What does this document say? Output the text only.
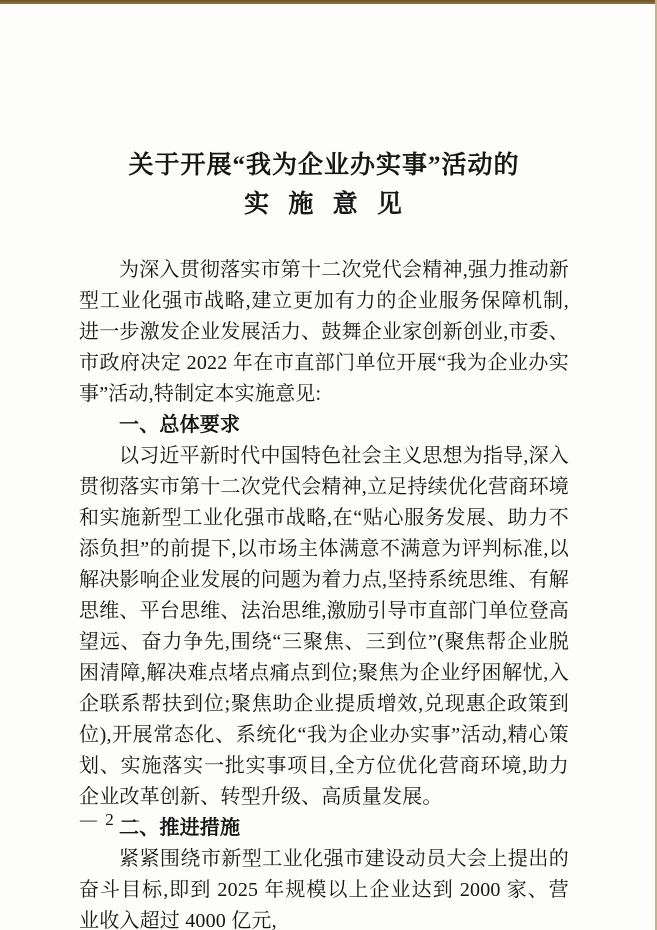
关于开展“我为企业办实事”活动的
实 施 意 见

为深入贯彻落实市第十二次党代会精神,强力推动新型工业化强市战略,建立更加有力的企业服务保障机制,进一步激发企业发展活力、鼓舞企业家创新创业,市委、市政府决定 2022 年在市直部门单位开展“我为企业办实事”活动,特制定本实施意见:

一、总体要求

以习近平新时代中国特色社会主义思想为指导,深入贯彻落实市第十二次党代会精神,立足持续优化营商环境和实施新型工业化强市战略,在“贴心服务发展、助力不添负担”的前提下,以市场主体满意不满意为评判标准,以解决影响企业发展的问题为着力点,坚持系统思维、有解思维、平台思维、法治思维,激励引导市直部门单位登高望远、奋力争先,围绕“三聚焦、三到位”(聚焦帮企业脱困清障,解决难点堵点痛点到位;聚焦为企业纾困解忧,入企联系帮扶到位;聚焦助企业提质增效,兑现惠企政策到位),开展常态化、系统化“我为企业办实事”活动,精心策划、实施落实一批实事项目,全方位优化营商环境,助力企业改革创新、转型升级、高质量发展。

二、推进措施

紧紧围绕市新型工业化强市建设动员大会上提出的奋斗目标,即到 2025 年规模以上企业达到 2000 家、营业收入超过 4000 亿元,

— 2 —
